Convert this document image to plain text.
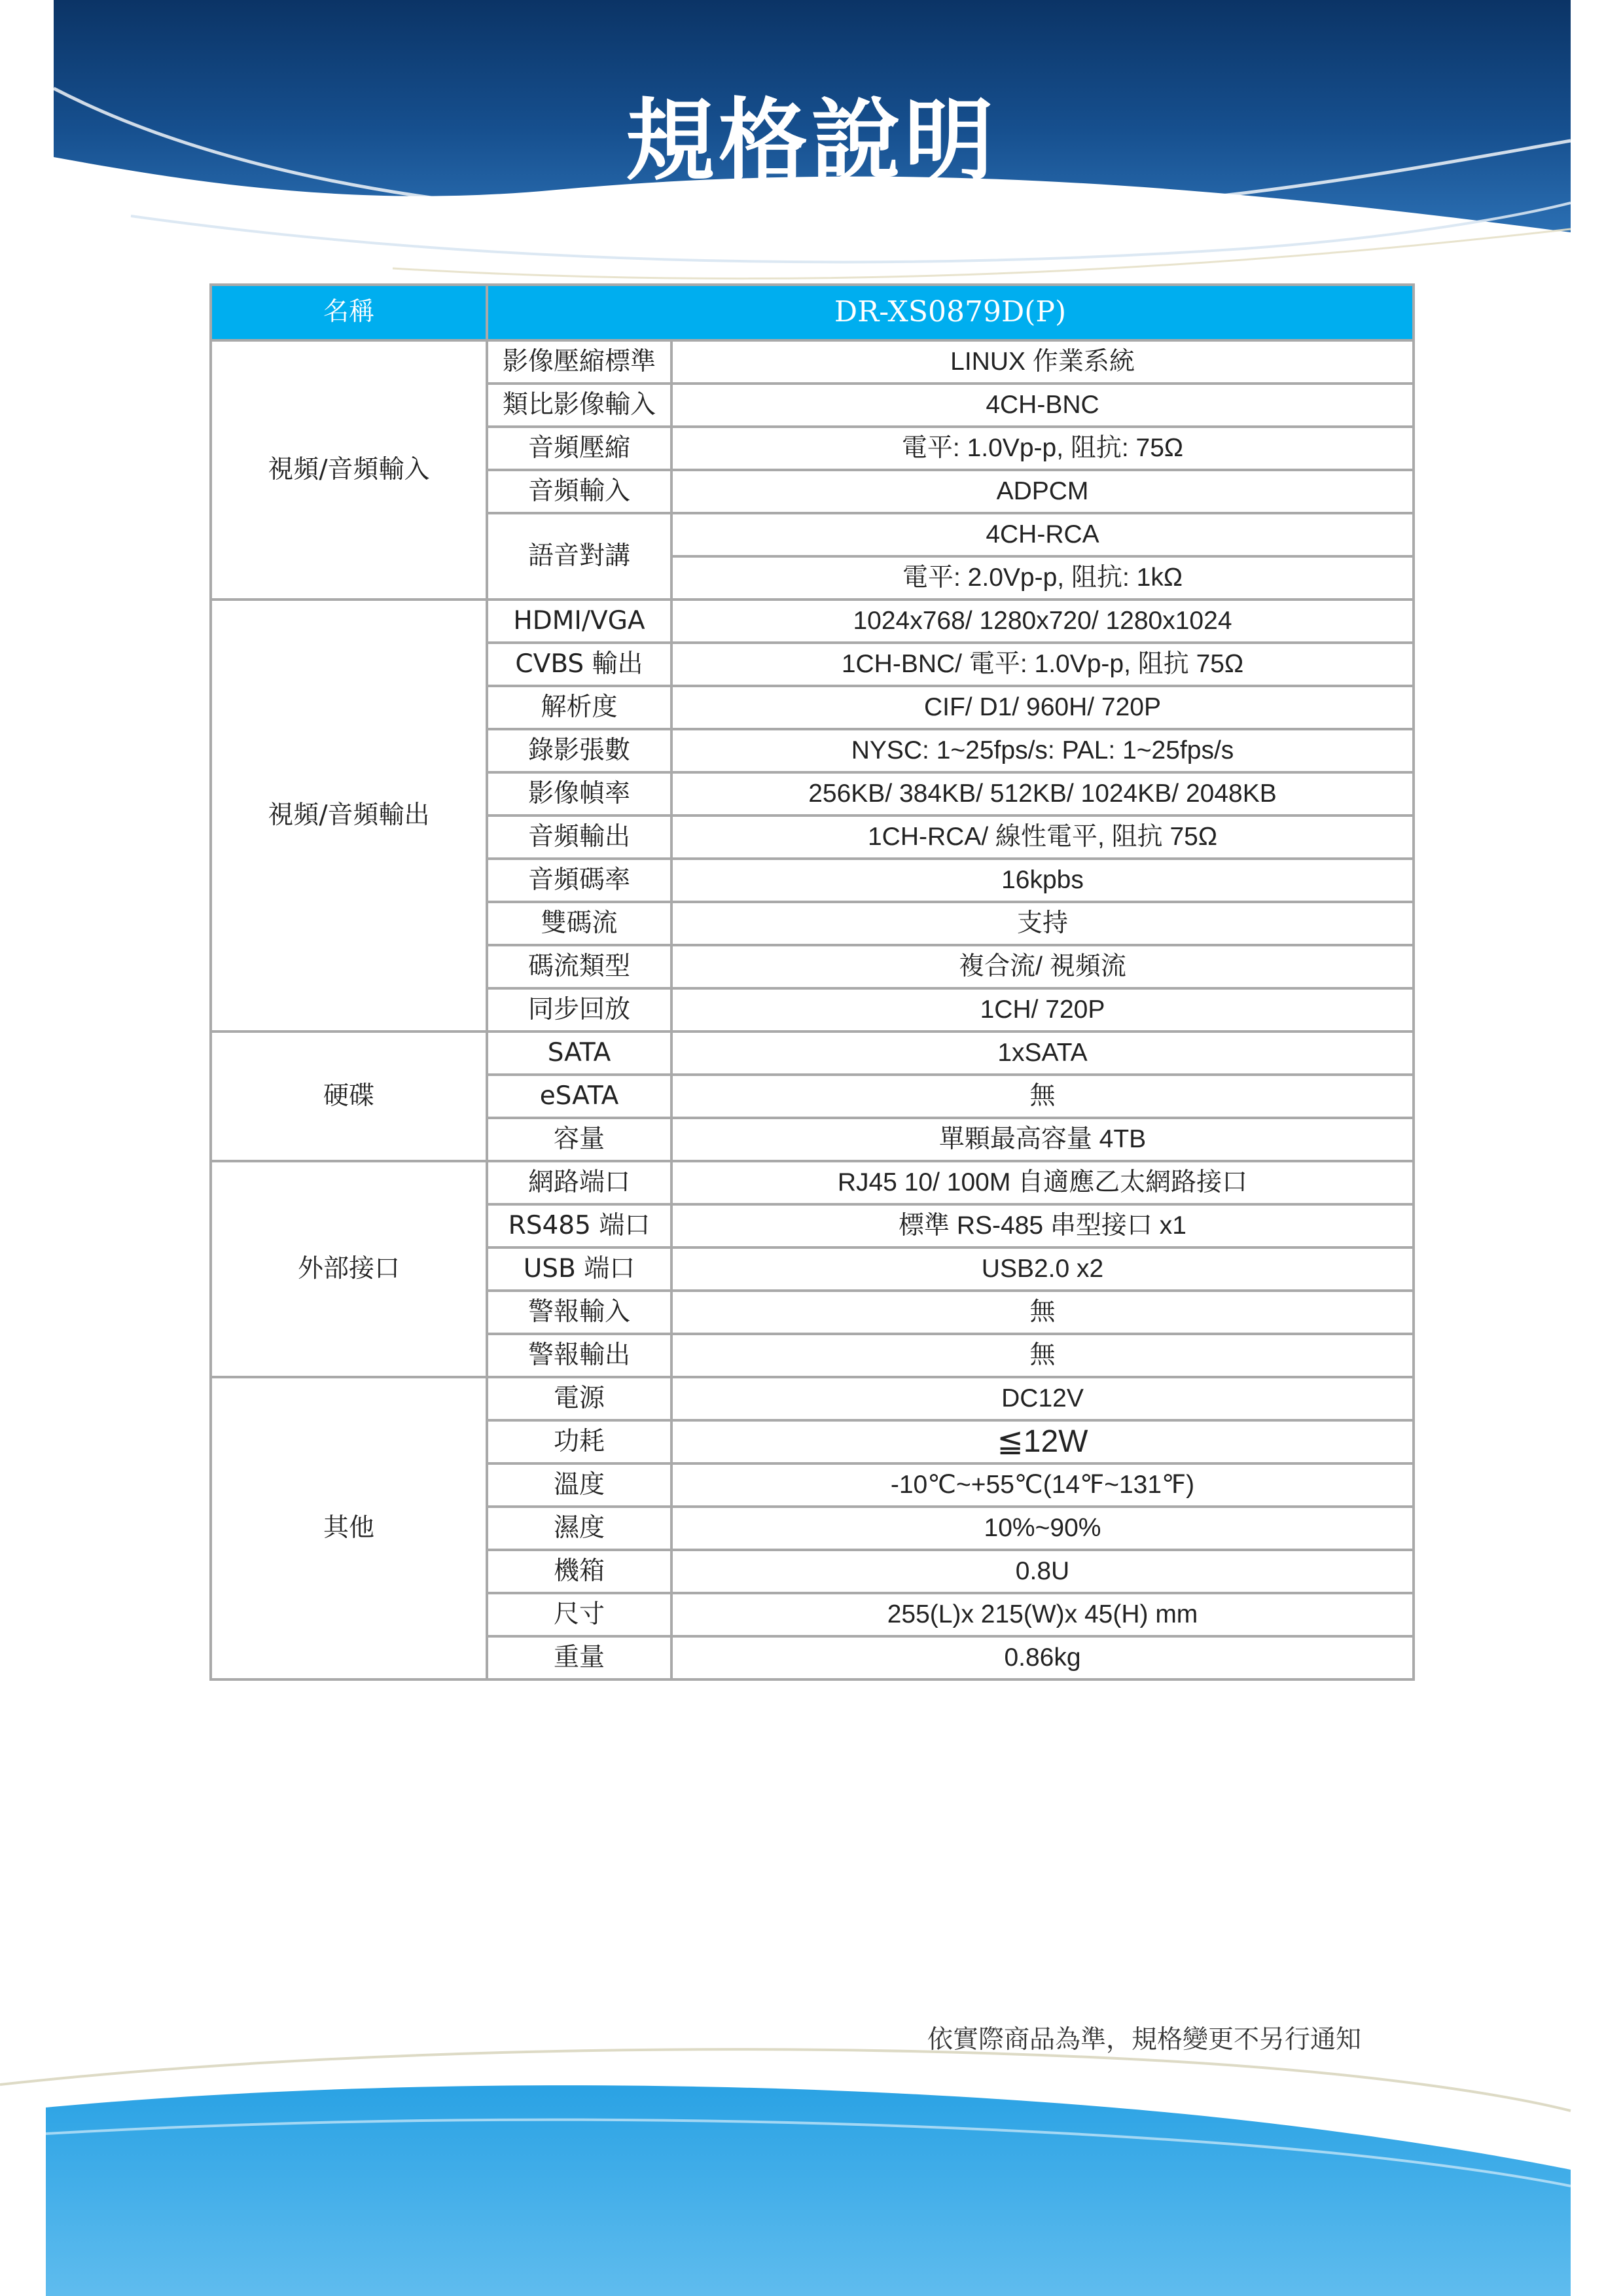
規格說明
名稱	DR-XS0879D(P)	
視頻/音頻輸入	影像壓縮標準	LINUX 作業系統
	類比影像輸入	4CH-BNC
	音頻壓縮	電平: 1.0Vp-p, 阻抗: 75Ω
	音頻輸入	ADPCM
	語音對講	4CH-RCA
		電平: 2.0Vp-p, 阻抗: 1kΩ
視頻/音頻輸出	HDMI/VGA	1024x768/ 1280x720/ 1280x1024
	CVBS 輸出	1CH-BNC/ 電平: 1.0Vp-p, 阻抗 75Ω
	解析度	CIF/ D1/ 960H/ 720P
	錄影張數	NYSC: 1~25fps/s: PAL: 1~25fps/s
	影像幀率	256KB/ 384KB/ 512KB/ 1024KB/ 2048KB
	音頻輸出	1CH-RCA/ 線性電平, 阻抗 75Ω
	音頻碼率	16kpbs
	雙碼流	支持
	碼流類型	複合流/ 視頻流
	同步回放	1CH/ 720P
硬碟	SATA	1xSATA
	eSATA	無
	容量	單顆最高容量 4TB
外部接口	網路端口	RJ45 10/ 100M 自適應乙太網路接口
	RS485 端口	標準 RS-485 串型接口 x1
	USB 端口	USB2.0 x2
	警報輸入	無
	警報輸出	無
其他	電源	DC12V
	功耗	≦12W
	溫度	-10℃~+55℃(14℉~131℉)
	濕度	10%~90%
	機箱	0.8U
	尺寸	255(L)x 215(W)x 45(H) mm
	重量	0.86kg
依實際商品為準，規格變更不另行通知
